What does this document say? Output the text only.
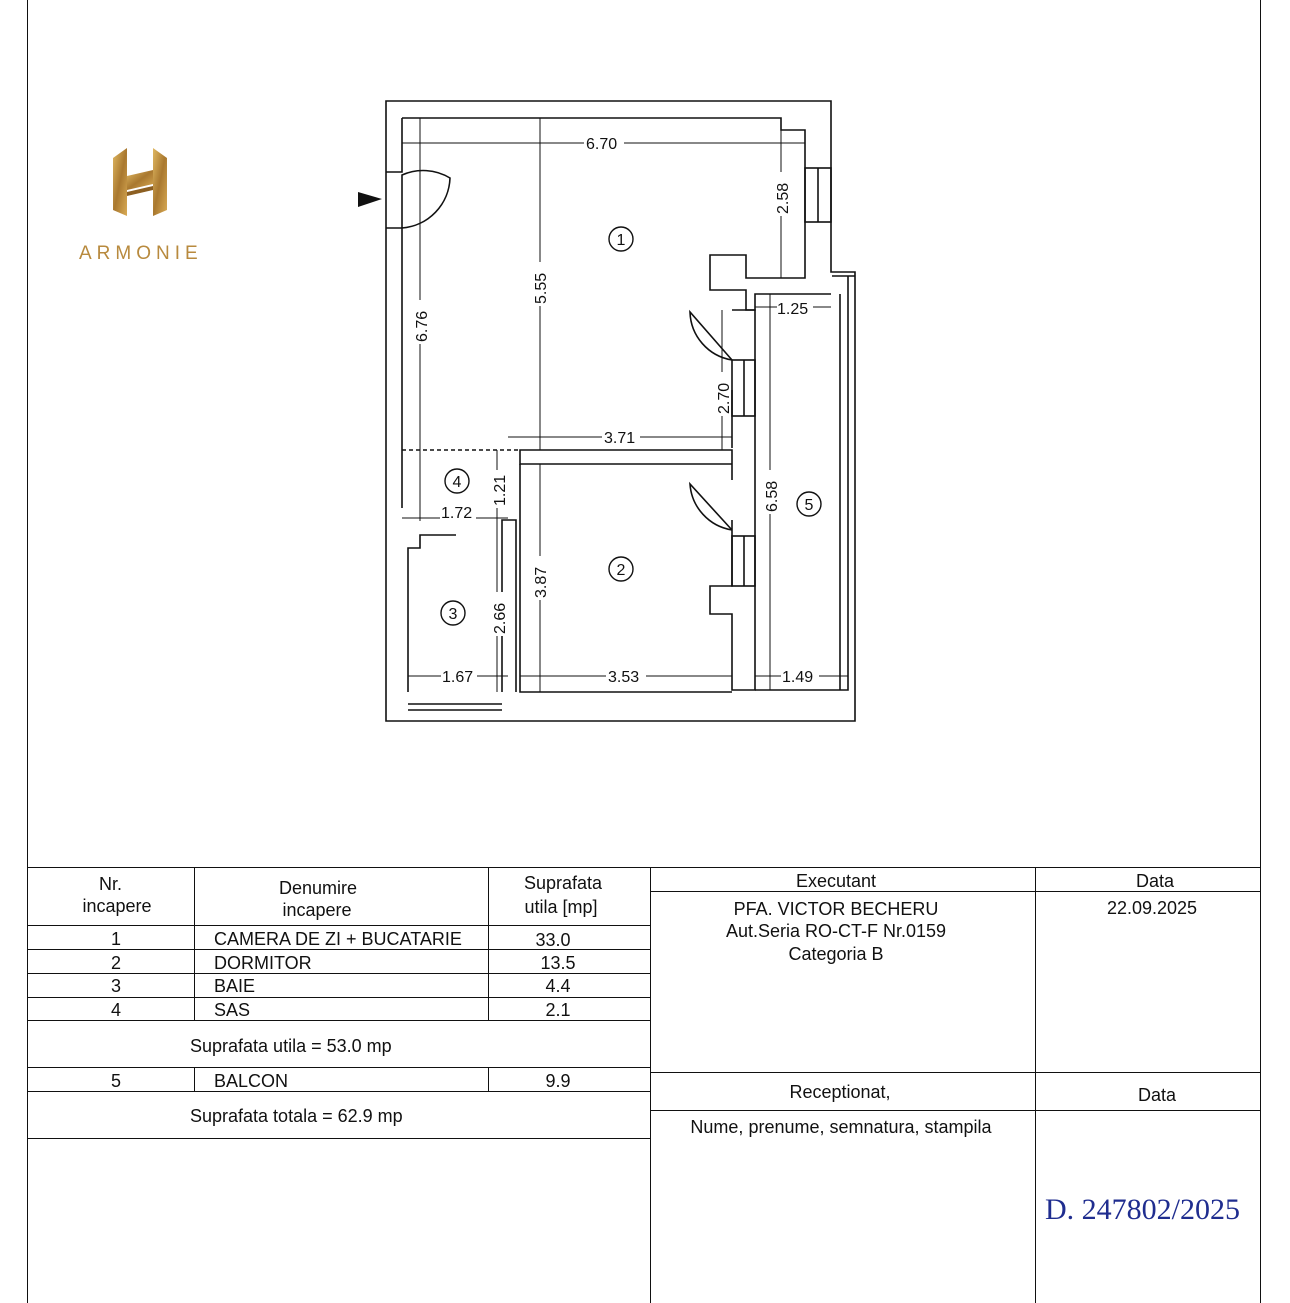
ARMONIE
6.70
2.58
1.25
6.76
5.55
2.70
3.71
1.21
1.72
6.58
3.87
2.66
1.67	3.53	1.49
1
2
3
4
5
Nr.
incapere
Denumire
incapere
Suprafata
utila [mp]
1	CAMERA DE ZI + BUCATARIE	33.0
2	DORMITOR	13.5
3	BAIE	4.4
4	SAS	2.1
Suprafata utila = 53.0 mp
5	BALCON	9.9
Suprafata totala = 62.9 mp
Executant
PFA. VICTOR BECHERU
Aut.Seria RO-CT-F Nr.0159
Categoria B
Data
22.09.2025
Receptionat,	Data
Nume, prenume, semnatura, stampila
D. 247802/2025
